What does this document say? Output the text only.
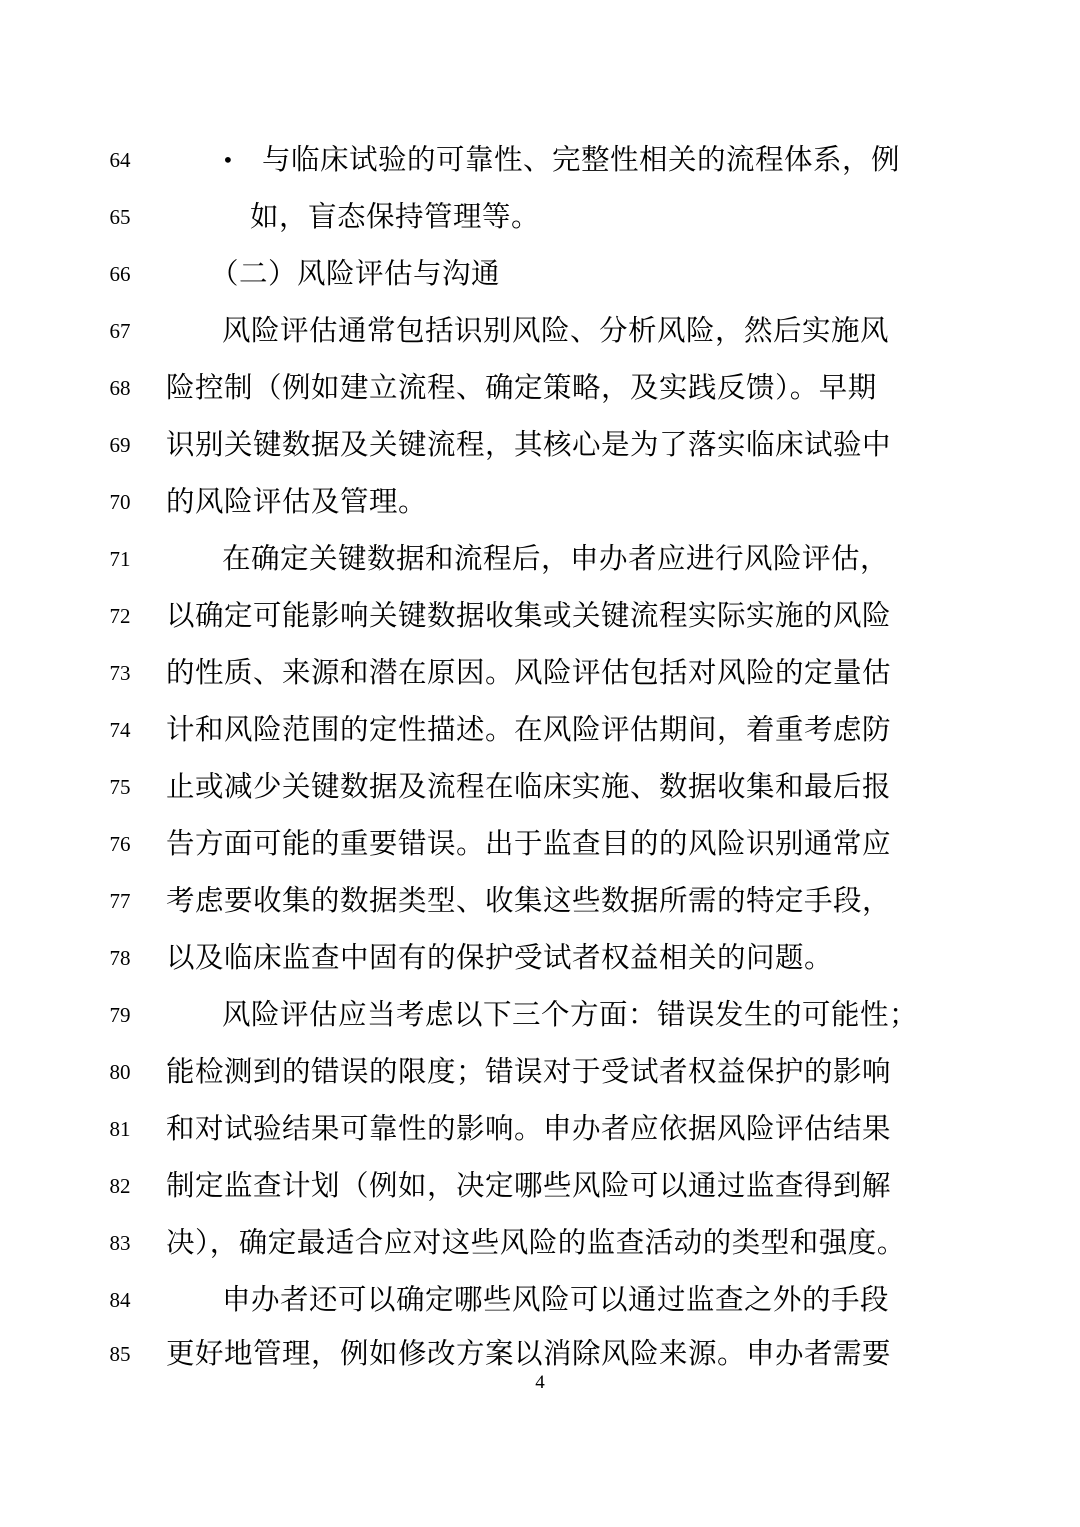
64	• 与临床试验的可靠性、完整性相关的流程体系，例
65	如，盲态保持管理等。
66	（二）风险评估与沟通
67	风险评估通常包括识别风险、分析风险，然后实施风
68	险控制（例如建立流程、确定策略，及实践反馈）。早期
69	识别关键数据及关键流程，其核心是为了落实临床试验中
70	的风险评估及管理。
71	在确定关键数据和流程后，申办者应进行风险评估，
72	以确定可能影响关键数据收集或关键流程实际实施的风险
73	的性质、来源和潜在原因。风险评估包括对风险的定量估
74	计和风险范围的定性描述。在风险评估期间，着重考虑防
75	止或减少关键数据及流程在临床实施、数据收集和最后报
76	告方面可能的重要错误。出于监查目的的风险识别通常应
77	考虑要收集的数据类型、收集这些数据所需的特定手段，
78	以及临床监查中固有的保护受试者权益相关的问题。
79	风险评估应当考虑以下三个方面：错误发生的可能性；
80	能检测到的错误的限度；错误对于受试者权益保护的影响
81	和对试验结果可靠性的影响。申办者应依据风险评估结果
82	制定监查计划（例如，决定哪些风险可以通过监查得到解
83	决），确定最适合应对这些风险的监查活动的类型和强度。
84	申办者还可以确定哪些风险可以通过监查之外的手段
85	更好地管理，例如修改方案以消除风险来源。申办者需要
4
